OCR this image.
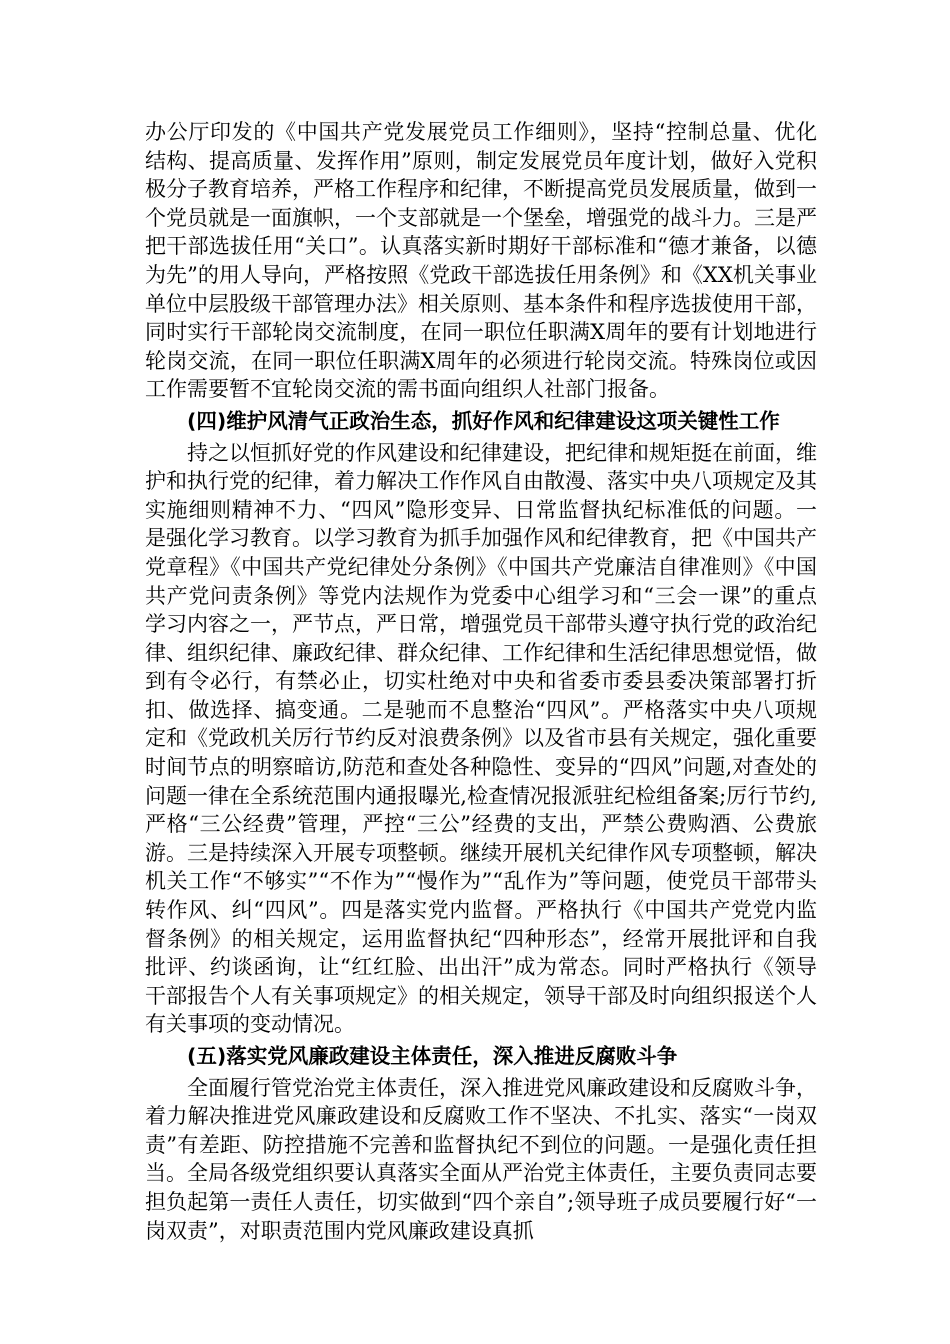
办公厅印发的《中国共产党发展党员工作细则》，坚持“控制总量、优化结构、提高质量、发挥作用”原则，制定发展党员年度计划，做好入党积极分子教育培养，严格工作程序和纪律，不断提高党员发展质量，做到一个党员就是一面旗帜，一个支部就是一个堡垒，增强党的战斗力。三是严把干部选拔任用“关口”。认真落实新时期好干部标准和“德才兼备，以德为先”的用人导向，严格按照《党政干部选拔任用条例》和《XX机关事业单位中层股级干部管理办法》相关原则、基本条件和程序选拔使用干部，同时实行干部轮岗交流制度，在同一职位任职满X周年的要有计划地进行轮岗交流，在同一职位任职满X周年的必须进行轮岗交流。特殊岗位或因工作需要暂不宜轮岗交流的需书面向组织人社部门报备。

(四)维护风清气正政治生态，抓好作风和纪律建设这项关键性工作

持之以恒抓好党的作风建设和纪律建设，把纪律和规矩挺在前面，维护和执行党的纪律，着力解决工作作风自由散漫、落实中央八项规定及其实施细则精神不力、“四风”隐形变异、日常监督执纪标准低的问题。一是强化学习教育。以学习教育为抓手加强作风和纪律教育，把《中国共产党章程》《中国共产党纪律处分条例》《中国共产党廉洁自律准则》《中国共产党问责条例》等党内法规作为党委中心组学习和“三会一课”的重点学习内容之一，严节点，严日常，增强党员干部带头遵守执行党的政治纪律、组织纪律、廉政纪律、群众纪律、工作纪律和生活纪律思想觉悟，做到有令必行，有禁必止，切实杜绝对中央和省委市委县委决策部署打折扣、做选择、搞变通。二是驰而不息整治“四风”。严格落实中央八项规定和《党政机关厉行节约反对浪费条例》以及省市县有关规定，强化重要时间节点的明察暗访,防范和查处各种隐性、变异的“四风”问题,对查处的问题一律在全系统范围内通报曝光,检查情况报派驻纪检组备案;厉行节约,严格“三公经费”管理，严控“三公”经费的支出，严禁公费购酒、公费旅游。三是持续深入开展专项整顿。继续开展机关纪律作风专项整顿，解决机关工作“不够实”“不作为”“慢作为”“乱作为”等问题，使党员干部带头转作风、纠“四风”。四是落实党内监督。严格执行《中国共产党党内监督条例》的相关规定，运用监督执纪“四种形态”，经常开展批评和自我批评、约谈函询，让“红红脸、出出汗”成为常态。同时严格执行《领导干部报告个人有关事项规定》的相关规定，领导干部及时向组织报送个人有关事项的变动情况。

(五)落实党风廉政建设主体责任，深入推进反腐败斗争

全面履行管党治党主体责任，深入推进党风廉政建设和反腐败斗争，着力解决推进党风廉政建设和反腐败工作不坚决、不扎实、落实“一岗双责”有差距、防控措施不完善和监督执纪不到位的问题。一是强化责任担当。全局各级党组织要认真落实全面从严治党主体责任，主要负责同志要担负起第一责任人责任，切实做到“四个亲自”;领导班子成员要履行好“一岗双责”，对职责范围内党风廉政建设真抓
